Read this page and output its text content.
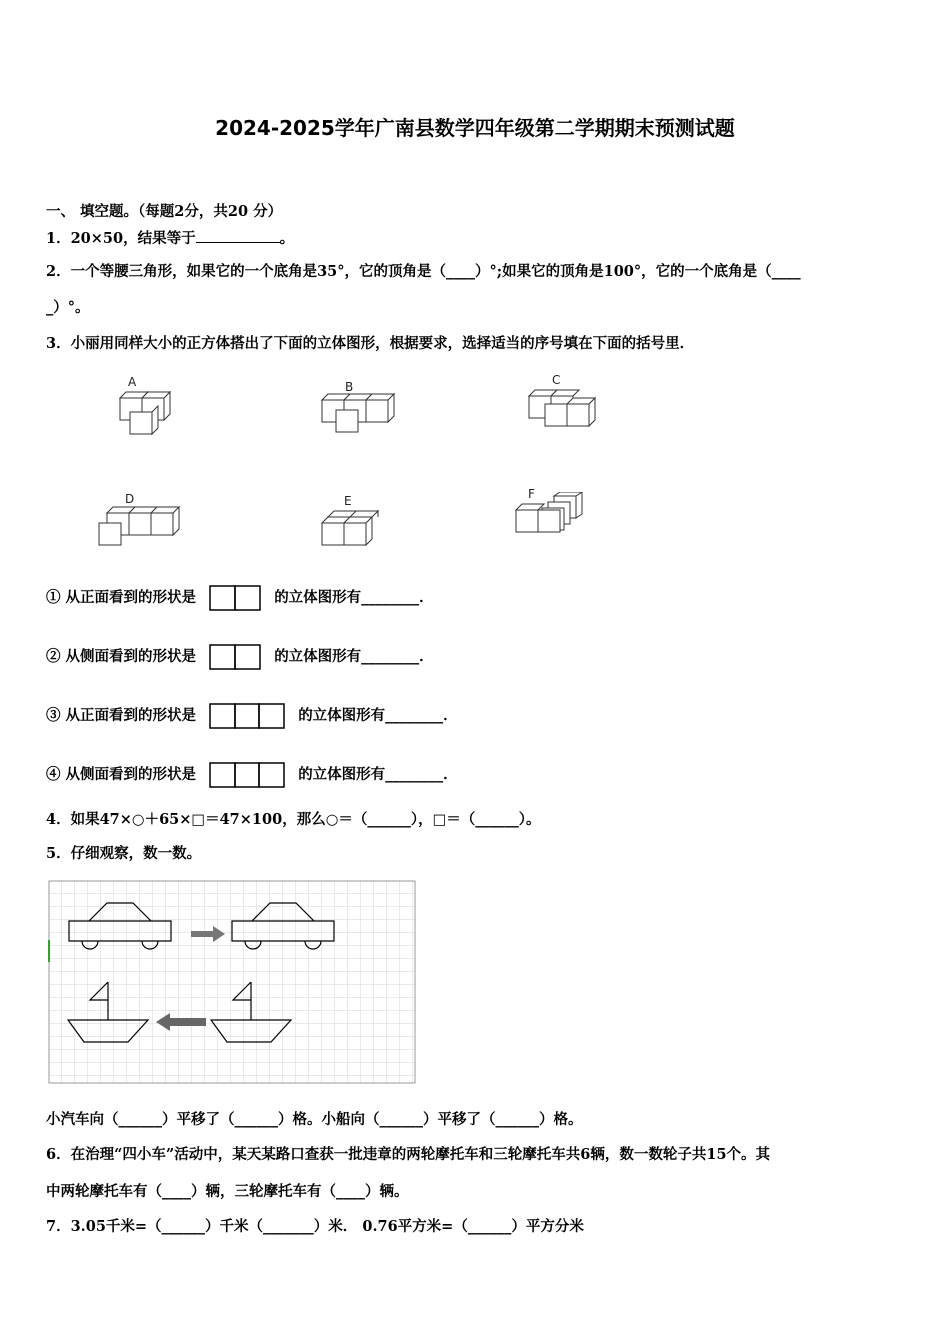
2024-2025学年广南县数学四年级第二学期期末预测试题
一、 填空题。（每题2分，共20 分）
1．20×50，结果等于	。
2．一个等腰三角形，如果它的一个底角是35°，它的顶角是（____）°;如果它的顶角是100°，它的一个底角是（____
_）°。
3．小丽用同样大小的正方体搭出了下面的立体图形，根据要求，选择适当的序号填在下面的括号里．
A	B	C
D	E	F
① 从正面看到的形状是	的立体图形有________．
② 从侧面看到的形状是	的立体图形有________．
③ 从正面看到的形状是	的立体图形有________．
④ 从侧面看到的形状是	的立体图形有________．
4．如果47×○＋65×□＝47×100，那么○＝（______），□＝（______）。
5．仔细观察，数一数。
小汽车向（______）平移了（______）格。小船向（______）平移了（______）格。
6．在治理“四小车”活动中，某天某路口查获一批违章的两轮摩托车和三轮摩托车共6辆，数一数轮子共15个。其
中两轮摩托车有（____）辆，三轮摩托车有（____）辆。
7．3.05千米=（______）千米（_______）米． 0.76平方米=（______）平方分米
